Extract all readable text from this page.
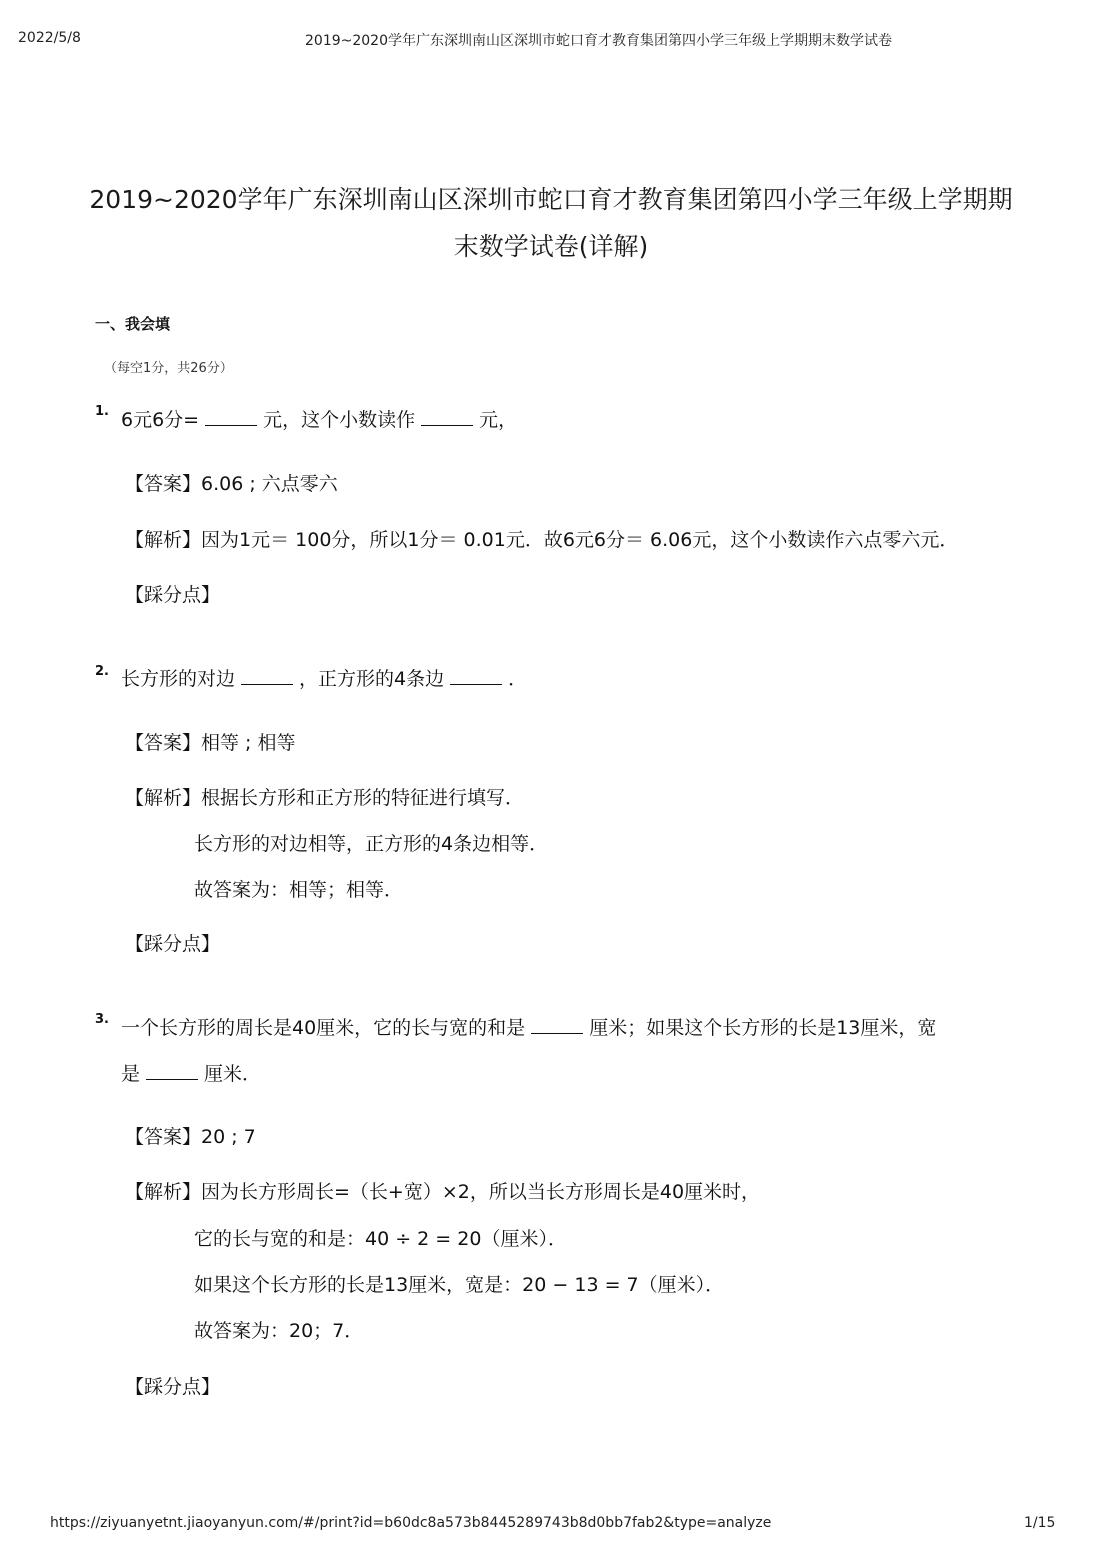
2022/5/8	2019~2020学年广东深圳南山区深圳市蛇口育才教育集团第四小学三年级上学期期末数学试卷
2019~2020学年广东深圳南山区深圳市蛇口育才教育集团第四小学三年级上学期期
末数学试卷(详解)
一、我会填
（每空1分，共26分）
1. 6元6分=	元，这个小数读作	元，
【答案】6.06 ; 六点零六
【解析】因为1元＝ 100分，所以1分＝ 0.01元．故6元6分＝ 6.06元，这个小数读作六点零六元．
【踩分点】
2. 长方形的对边	，正方形的4条边	．
【答案】相等 ; 相等
【解析】根据长方形和正方形的特征进行填写．
长方形的对边相等，正方形的4条边相等．
故答案为：相等；相等．
【踩分点】
3. 一个长方形的周长是40厘米，它的长与宽的和是	厘米；如果这个长方形的长是13厘米，宽
是	厘米．
【答案】20 ; 7
【解析】因为长方形周长=（长+宽）×2，所以当长方形周长是40厘米时，
它的长与宽的和是：40 ÷ 2 = 20（厘米）．
如果这个长方形的长是13厘米，宽是：20 − 13 = 7（厘米）．
故答案为：20；7．
【踩分点】
https://ziyuanyetnt.jiaoyanyun.com/#/print?id=b60dc8a573b8445289743b8d0bb7fab2&type=analyze	1/15
